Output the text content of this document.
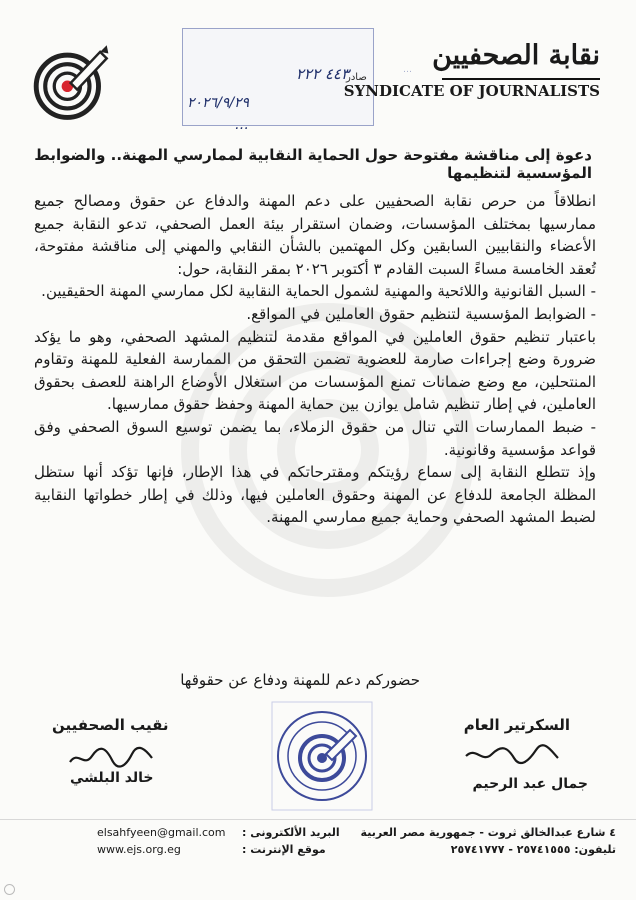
…
٤٤٣ ٢٢٢
٢٠٢٦/٩/٢٩
…
صادر
نقابة الصحفيين
SYNDICATE OF JOURNALISTS
دعوة إلى مناقشة مفتوحة حول الحماية النقابية لممارسي المهنة.. والضوابط المؤسسية لتنظيمها

انطلاقاً من حرص نقابة الصحفيين على دعم المهنة والدفاع عن حقوق ومصالح جميع ممارسيها بمختلف المؤسسات، وضمان استقرار بيئة العمل الصحفي، تدعو النقابة جميع الأعضاء والنقابيين السابقين وكل المهتمين بالشأن النقابي والمهني إلى مناقشة مفتوحة، تُعقد الخامسة مساءً السبت القادم ٣ أكتوبر ٢٠٢٦ بمقر النقابة، حول:

- السبل القانونية واللائحية والمهنية لشمول الحماية النقابية لكل ممارسي المهنة الحقيقيين.

- الضوابط المؤسسية لتنظيم حقوق العاملين في المواقع.

باعتبار تنظيم حقوق العاملين في المواقع مقدمة لتنظيم المشهد الصحفي، وهو ما يؤكد ضرورة وضع إجراءات صارمة للعضوية تضمن التحقق من الممارسة الفعلية للمهنة وتقاوم المنتحلين، مع وضع ضمانات تمنع المؤسسات من استغلال الأوضاع الراهنة للعصف بحقوق العاملين، في إطار تنظيم شامل يوازن بين حماية المهنة وحفظ حقوق ممارسيها.

- ضبط الممارسات التي تنال من حقوق الزملاء، بما يضمن توسيع السوق الصحفي وفق قواعد مؤسسية وقانونية.

وإذ تتطلع النقابة إلى سماع رؤيتكم ومقترحاتكم في هذا الإطار، فإنها تؤكد أنها ستظل المظلة الجامعة للدفاع عن المهنة وحقوق العاملين فيها، وذلك في إطار خطواتها النقابية لضبط المشهد الصحفي وحماية جميع ممارسي المهنة.

حضوركم دعم للمهنة ودفاع عن حقوقها
نقيب الصحفيين
خالد البلشي
السكرتير العام
جمال عبد الرحيم
elsahfyeen@gmail.com البريد الألكترونى :
www.ejs.org.eg	موقع الإنترنت :
٤ شارع عبدالخالق ثروت - جمهورية مصر العربية
تليفون: ٢٥٧٤١٥٥٥ - ٢٥٧٤١٧٧٧
